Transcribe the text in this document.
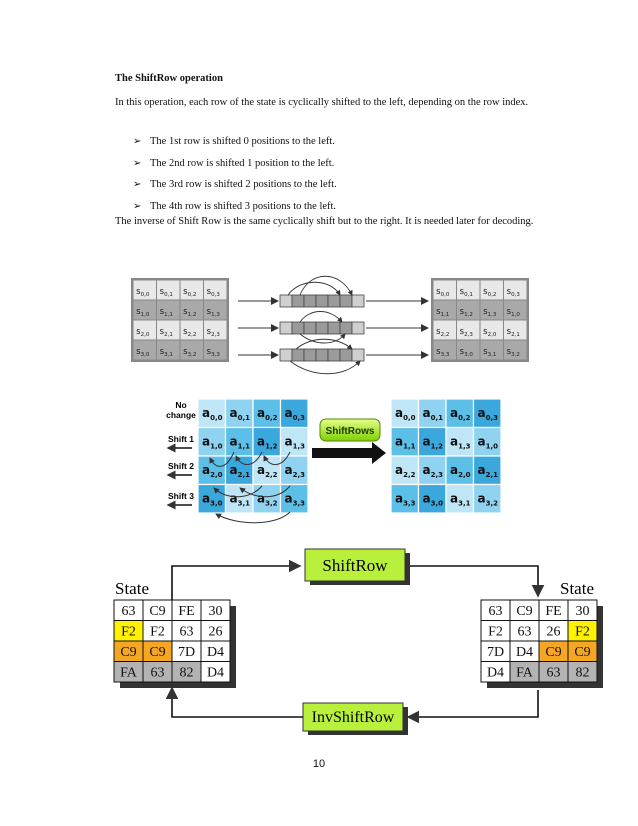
The ShiftRow operation
In this operation, each row of the state is cyclically shifted to the left, depending on the row index.
➢ The 1st row is shifted 0 positions to the left.
➢ The 2nd row is shifted 1 position to the left.
➢ The 3rd row is shifted 2 positions to the left.
➢ The 4th row is shifted 3 positions to the left.
The inverse of Shift Row is the same cyclically shift but to the right. It is needed later for decoding.
$s_{0,0}$ $s_{0,1}$ $s_{0,2}$ $s_{0,3}$
$s_{1,0}$ $s_{1,1}$ $s_{1,2}$ $s_{1,3}$
$s_{2,0}$ $s_{2,1}$ $s_{2,2}$ $s_{2,3}$
$s_{3,0}$ $s_{3,1}$ $s_{3,2}$ $s_{3,3}$
$s_{0,0}$ $s_{0,1}$ $s_{0,2}$ $s_{0,3}$
$s_{1,1}$ $s_{1,2}$ $s_{1,3}$ $s_{1,0}$
$s_{2,2}$ $s_{2,3}$ $s_{2,0}$ $s_{2,1}$
$s_{3,3}$ $s_{3,0}$ $s_{3,1}$ $s_{3,2}$
No
change
Shift 1
Shift 2
Shift 3
$a_{0,0}$ $a_{0,1}$ $a_{0,2}$ $a_{0,3}$
$a_{1,0}$ $a_{1,1}$ $a_{1,2}$ $a_{1,3}$
$a_{2,0}$ $a_{2,1}$ $a_{2,2}$ $a_{2,3}$
$a_{3,0}$ $a_{3,1}$ $a_{3,2}$ $a_{3,3}$
$a_{0,0}$ $a_{0,1}$ $a_{0,2}$ $a_{0,3}$
$a_{1,1}$ $a_{1,2}$ $a_{1,3}$ $a_{1,0}$
$a_{2,2}$ $a_{2,3}$ $a_{2,0}$ $a_{2,1}$
$a_{3,3}$ $a_{3,0}$ $a_{3,1}$ $a_{3,2}$
ShiftRows
State	State
63 C9 FE 30
F2 F2 63 26
C9 C9 7D D4
FA 63 82 D4
63 C9 FE 30
F2 63 26 F2
7D D4 C9 C9
D4 FA 63 82
ShiftRow
InvShiftRow
10
